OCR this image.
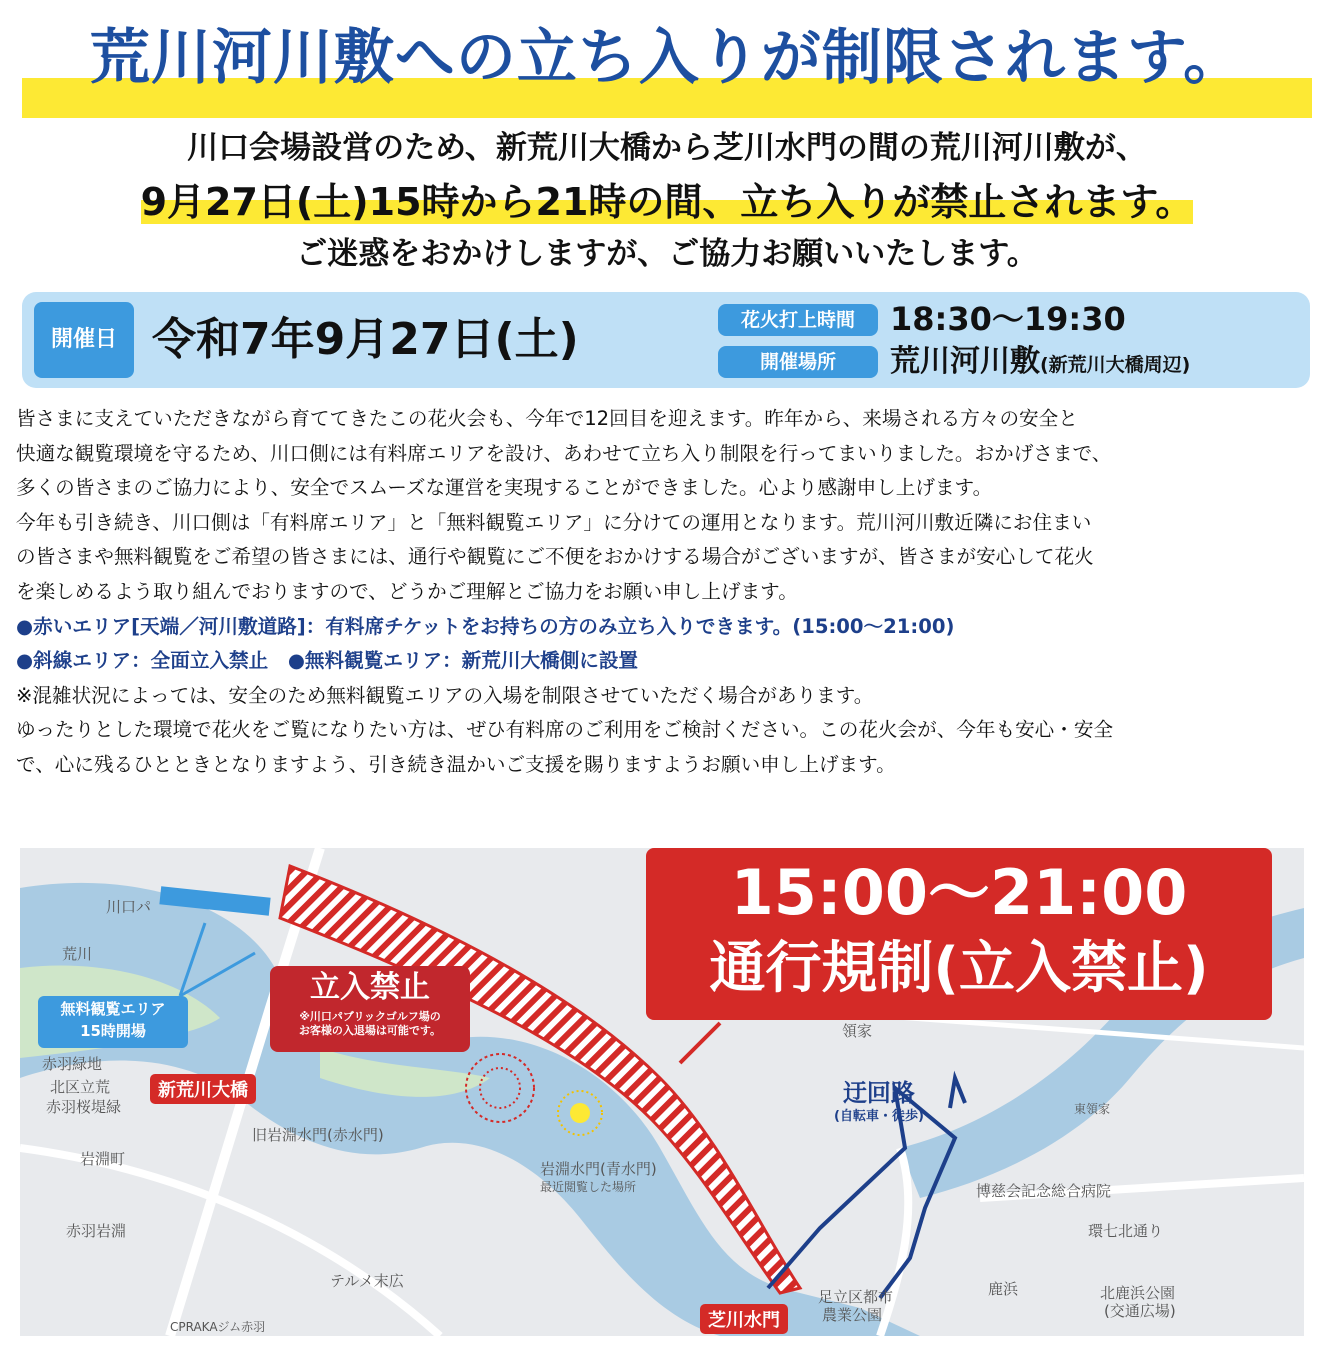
荒川河川敷への立ち入りが制限されます。
川口会場設営のため、新荒川大橋から芝川水門の間の荒川河川敷が、
9月27日(土)15時から21時の間、立ち入りが禁止されます。
ご迷惑をおかけしますが、ご協力お願いいたします。
開催日 令和7年9月27日(土)	花火打上時間	18:30〜19:30
開催場所	荒川河川敷(新荒川大橋周辺)

皆さまに支えていただきながら育ててきたこの花火会も、今年で12回目を迎えます。昨年から、来場される方々の安全と

快適な観覧環境を守るため、川口側には有料席エリアを設け、あわせて立ち入り制限を行ってまいりました。おかげさまで、

多くの皆さまのご協力により、安全でスムーズな運営を実現することができました。心より感謝申し上げます。

今年も引き続き、川口側は「有料席エリア」と「無料観覧エリア」に分けての運用となります。荒川河川敷近隣にお住まい

の皆さまや無料観覧をご希望の皆さまには、通行や観覧にご不便をおかけする場合がございますが、皆さまが安心して花火

を楽しめるよう取り組んでおりますので、どうかご理解とご協力をお願い申し上げます。

●赤いエリア[天端／河川敷道路]：有料席チケットをお持ちの方のみ立ち入りできます。(15:00〜21:00)

●斜線エリア：全面立入禁止　●無料観覧エリア：新荒川大橋側に設置

※混雑状況によっては、安全のため無料観覧エリアの入場を制限させていただく場合があります。

ゆったりとした環境で花火をご覧になりたい方は、ぜひ有料席のご利用をご検討ください。この花火会が、今年も安心・安全

で、心に残るひとときとなりますよう、引き続き温かいご支援を賜りますようお願い申し上げます。

川口パ
荒川
赤羽緑地
北区立荒
赤羽桜堤緑
旧岩淵水門(赤水門)
岩淵町
岩淵水門(青水門)
最近閲覧した場所
赤羽岩淵
テルメ末広
博慈会記念総合病院
環七北通り
鹿浜	北鹿浜公園
(交通広場)
足立区都市
農業公園
領家
東領家
CPRAKAジム赤羽
15:00〜21:00
通行規制(立入禁止)
立入禁止
※川口パブリックゴルフ場の
お客様の入退場は可能です。
無料観覧エリア
15時開場
新荒川大橋
芝川水門
迂回路
(自転車・徒歩)
